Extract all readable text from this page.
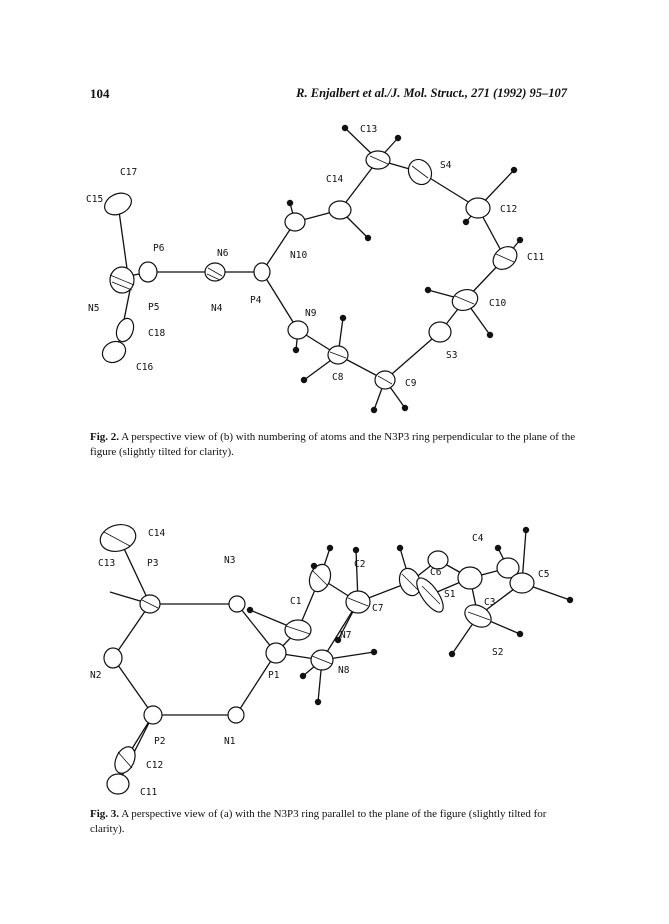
104	R. Enjalbert et al./J. Mol. Struct., 271 (1992) 95–107
C13
S4
C14
C17
C15
C12
N10	C11
P6	N6
N5	P5	N4
P4	C10
N9
C18
C16
S3
C8
C9
Fig. 2. A perspective view of (b) with numbering of atoms and the N3P3 ring perpendicular to the plane of the figure (slightly tilted for clarity).
C14
C13	P3	N3	C2
C4
C6	C5
C1
S1
C3
C7
N7
N2	P1	N8
S2
P2	N1
C12
C11
Fig. 3. A perspective view of (a) with the N3P3 ring parallel to the plane of the figure (slightly tilted for clarity).
